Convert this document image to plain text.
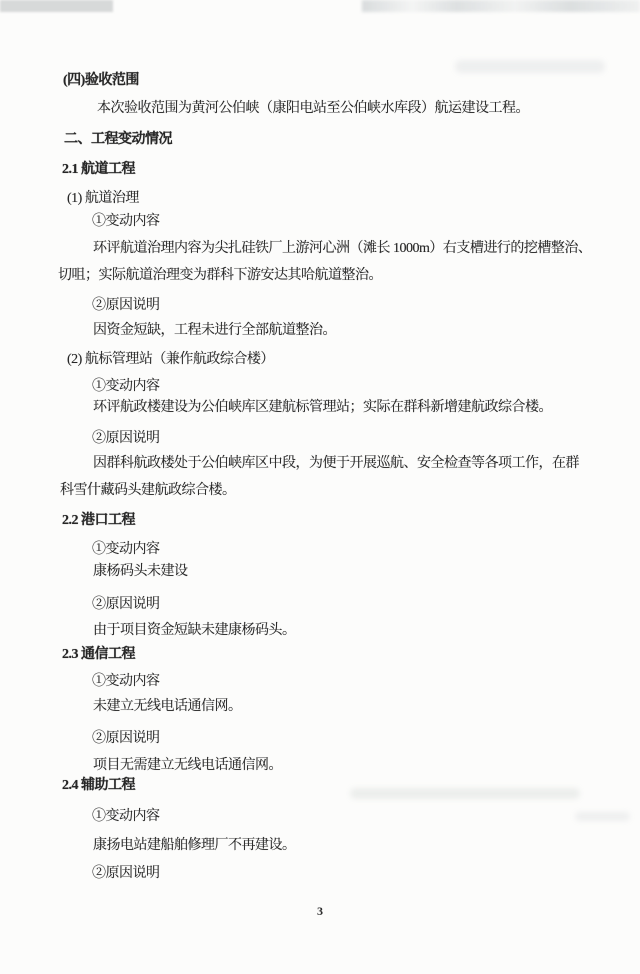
(四)验收范围
本次验收范围为黄河公伯峡（康阳电站至公伯峡水库段）航运建设工程。
二、工程变动情况
2.1 航道工程
(1) 航道治理
①变动内容
环评航道治理内容为尖扎硅铁厂上游河心洲（滩长 1000m）右支槽进行的挖槽整治、
切咀；实际航道治理变为群科下游安达其哈航道整治。
②原因说明
因资金短缺，工程未进行全部航道整治。
(2) 航标管理站（兼作航政综合楼）
①变动内容
环评航政楼建设为公伯峡库区建航标管理站；实际在群科新增建航政综合楼。
②原因说明
因群科航政楼处于公伯峡库区中段，为便于开展巡航、安全检查等各项工作，在群
科雪什藏码头建航政综合楼。
2.2 港口工程
①变动内容
康杨码头未建设
②原因说明
由于项目资金短缺未建康杨码头。
2.3 通信工程
①变动内容
未建立无线电话通信网。
②原因说明
项目无需建立无线电话通信网。
2.4 辅助工程
①变动内容
康扬电站建船舶修理厂不再建设。
②原因说明
3
